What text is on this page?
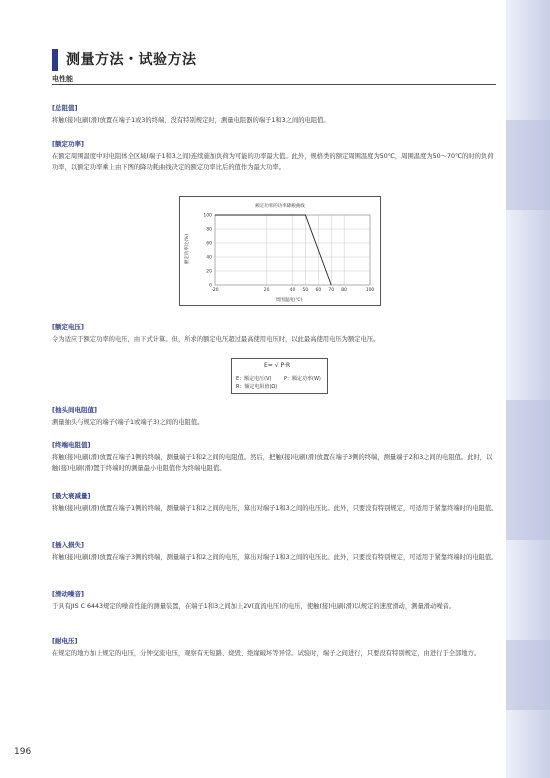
测量方法・试验方法
电性能
[总阻值]
将触(接)电刷(滑)放置在端子1或3的终端，没有特别规定时，测量电阻器的端子1和3之间的电阻值。
[额定功率]
在额定周围温度中对电阻体全区域(端子1和3之间)连续施加负荷为可能的功率最大值。此外，规格类的额定周围温度为50℃，周围温度为50～70℃的时的负荷功率，以额定功率乘上由下图的降功耗曲线决定的额定功率比后的值作为最大功率。
额定功率的功率降额曲线
额定功率比(%)
周围温度(℃)
0
20
40
60
80
100
-20	20	40 50 60 70 80	100
[额定电压]
令为适应于额定功率的电压，由下式计算。但，所求的额定电压超过最高使用电压时，以此最高使用电压为额定电压。
E= √ P·R
E：额定电压(V)	P：额定功率(W)
R：额定电阻值(Ω)
[抽头间电阻值]
测量抽头与规定的端子(端子1或端子3)之间的电阻值。
[终端电阻值]
将触(接)电刷(滑)放置在端子1侧的终端，测量端子1和2之间的电阻值。然后，把触(接)电刷(滑)放置在端子3侧的终端，测量端子2和3之间的电阻值。此时，以触(接)电刷(滑)置于终端时的测量最小电阻值作为终端电阻值。
[最大衰减量]
将触(接)电刷(滑)放置在端子1侧的终端，测量端子1和2之间的电压，算出对端子1和3之间的电压比。此外，只要没有特别规定，可适用于紧靠终端时的电阻值。
[插入损失]
将触(接)电刷(滑)放置在端子3侧的终端，测量端子1和2之间的电压，算出对端子1和3之间的电压比。此外，只要没有特别规定，可适用于紧靠终端时的电阻值。
[滑动噪音]
于具有JIS C 6443规定的噪音性能的测量装置，在端子1和3之间加上2V(直流电压)的电压，使触(接)电刷(滑)以规定的速度滑动，测量滑动噪音。
[耐电压]
在规定的地方加上规定的电压，分钟交流电压，观察有无短路、烧毁、绝缘破坏等异常。试验时，端子之间进行，只要没有特别规定，由进行于全部地方。
196
